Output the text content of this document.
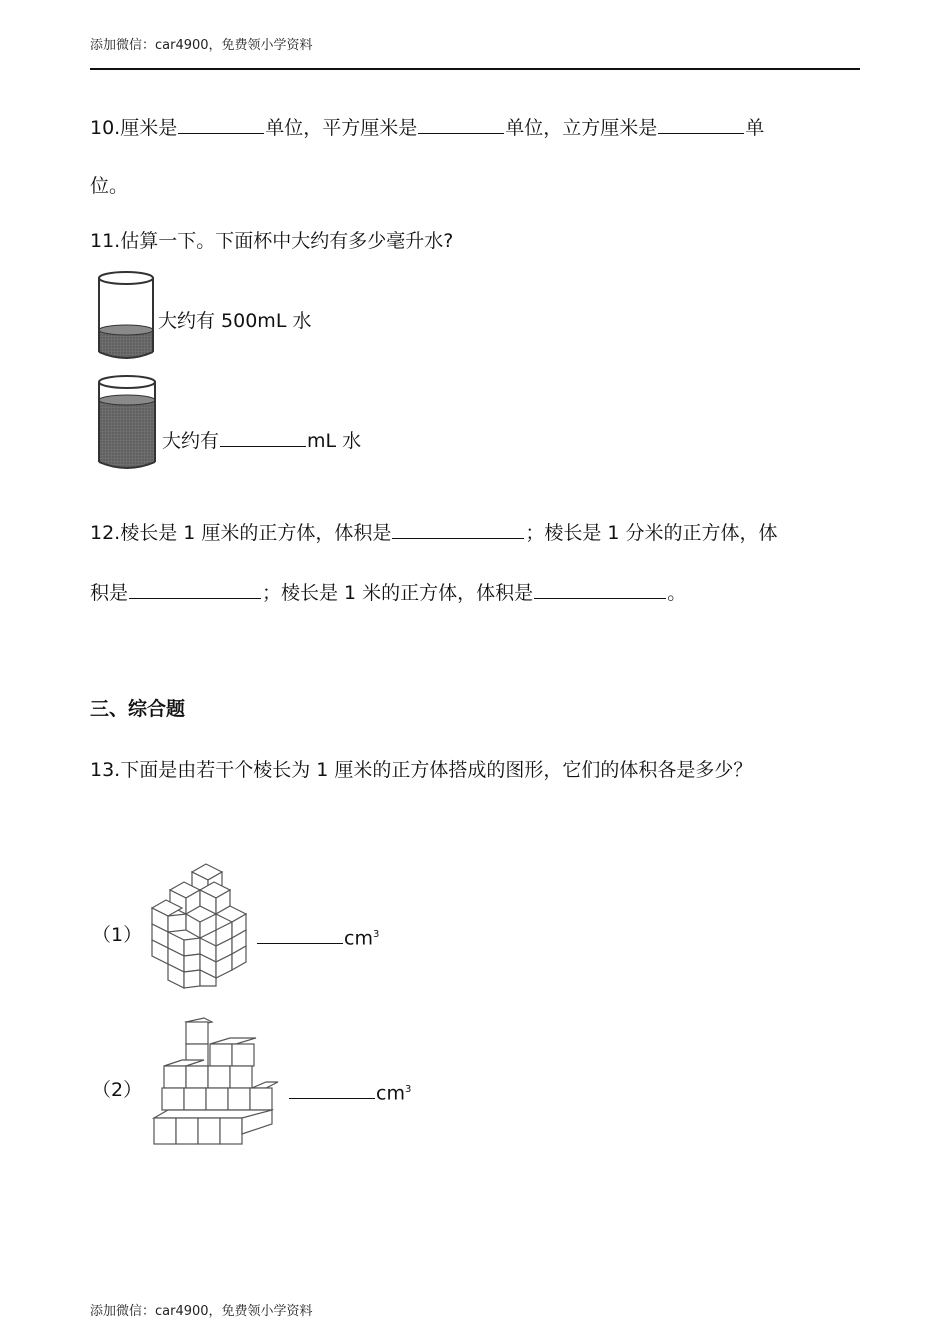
添加微信：car4900，免费领小学资料
10.厘米是	单位，平方厘米是	单位，立方厘米是	单
位。
11.估算一下。下面杯中大约有多少毫升水?
大约有 500mL 水
大约有	mL 水
12.棱长是 1 厘米的正方体，体积是	；棱长是 1 分米的正方体，体
积是	；棱长是 1 米的正方体，体积是	。
三、综合题
13.下面是由若干个棱长为 1 厘米的正方体搭成的图形，它们的体积各是多少？
（1）	$cm^3$
（2）	$cm^3$
添加微信：car4900，免费领小学资料
